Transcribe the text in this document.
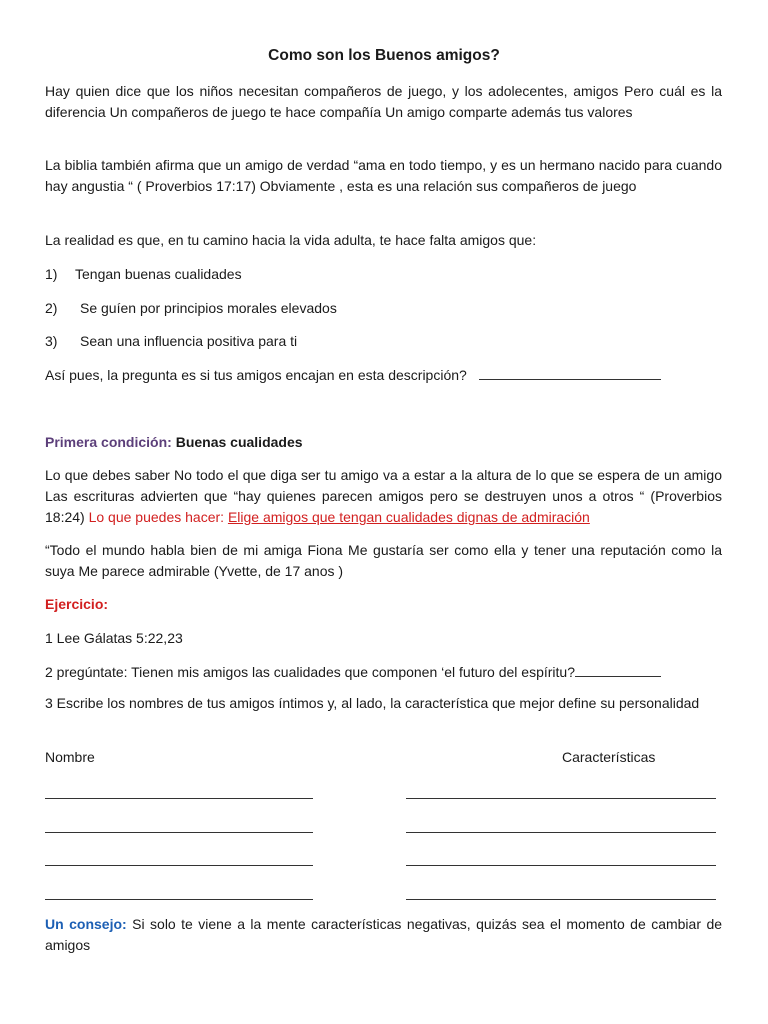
Como son los Buenos amigos?
Hay quien dice que los niños necesitan compañeros de juego, y los adolecentes, amigos Pero cuál es la diferencia Un compañeros de juego te hace compañía Un amigo comparte además tus valores
La biblia también afirma que un amigo de verdad “ama en todo tiempo, y es un hermano nacido para cuando hay angustia “ ( Proverbios 17:17) Obviamente , esta es una relación sus compañeros de juego
La realidad es que, en tu camino hacia la vida adulta, te hace falta amigos que:
1) Tengan buenas cualidades
2) Se guíen por principios morales elevados
3) Sean una influencia positiva para ti
Así pues, la pregunta es si tus amigos encajan en esta descripción?
Primera condición: Buenas cualidades
Lo que debes saber No todo el que diga ser tu amigo va a estar a la altura de lo que se espera de un amigo Las escrituras advierten que “hay quienes parecen amigos pero se destruyen unos a otros “ (Proverbios 18:24) Lo que puedes hacer: Elige amigos que tengan cualidades dignas de admiración
“Todo el mundo habla bien de mi amiga Fiona Me gustaría ser como ella y tener una reputación como la suya Me parece admirable (Yvette, de 17 anos )
Ejercicio:
1 Lee Gálatas 5:22,23
2 pregúntate: Tienen mis amigos las cualidades que componen ‘el futuro del espíritu?
3 Escribe los nombres de tus amigos íntimos y, al lado, la característica que mejor define su personalidad
Nombre	Características
Un consejo: Si solo te viene a la mente características negativas, quizás sea el momento de cambiar de amigos
